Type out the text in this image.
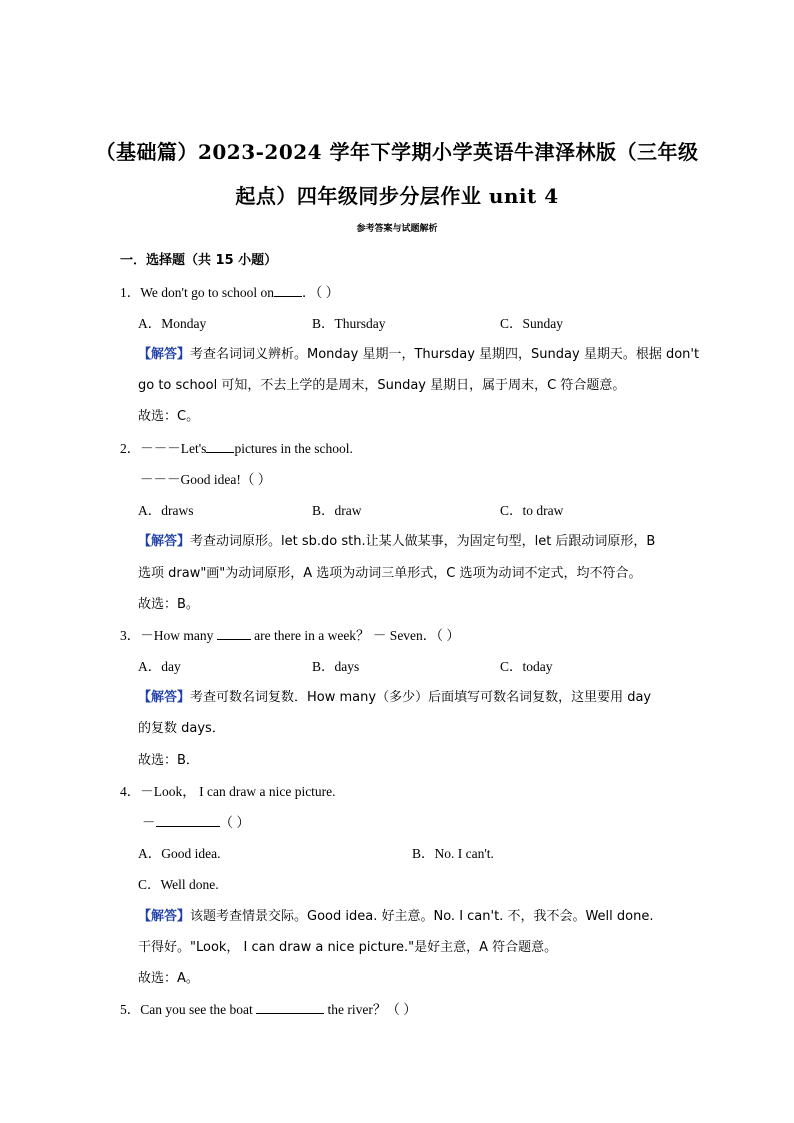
（基础篇）2023-2024 学年下学期小学英语牛津泽林版（三年级
起点）四年级同步分层作业 unit 4
参考答案与试题解析
一．选择题（共 15 小题）
1．We don't go to school on ．（ ）
A．Monday	B．Thursday	C．Sunday
【解答】考查名词词义辨析。Monday 星期一，Thursday 星期四，Sunday 星期天。根据 don't
go to school 可知，不去上学的是周末，Sunday 星期日，属于周末，C 符合题意。
故选：C。
2．－－－Let's pictures in the school.
－－－Good idea!（ ）
A．draws	B．draw	C．to draw
【解答】考查动词原形。let sb.do sth.让某人做某事，为固定句型，let 后跟动词原形，B
选项 draw"画"为动词原形，A 选项为动词三单形式，C 选项为动词不定式，均不符合。
故选：B。
3．－How many	are there in a week？ － Seven．（ ）
A．day	B．days	C．today
【解答】考查可数名词复数．How many（多少）后面填写可数名词复数，这里要用 day
的复数 days．
故选：B．
4．－Look， I can draw a nice picture.
－	（ ）
A．Good idea.	B．No. I can't.
C．Well done.
【解答】该题考查情景交际。Good idea. 好主意。No. I can't. 不，我不会。Well done.
干得好。"Look， I can draw a nice picture."是好主意，A 符合题意。
故选：A。
5．Can you see the boat	the river？（ ）
